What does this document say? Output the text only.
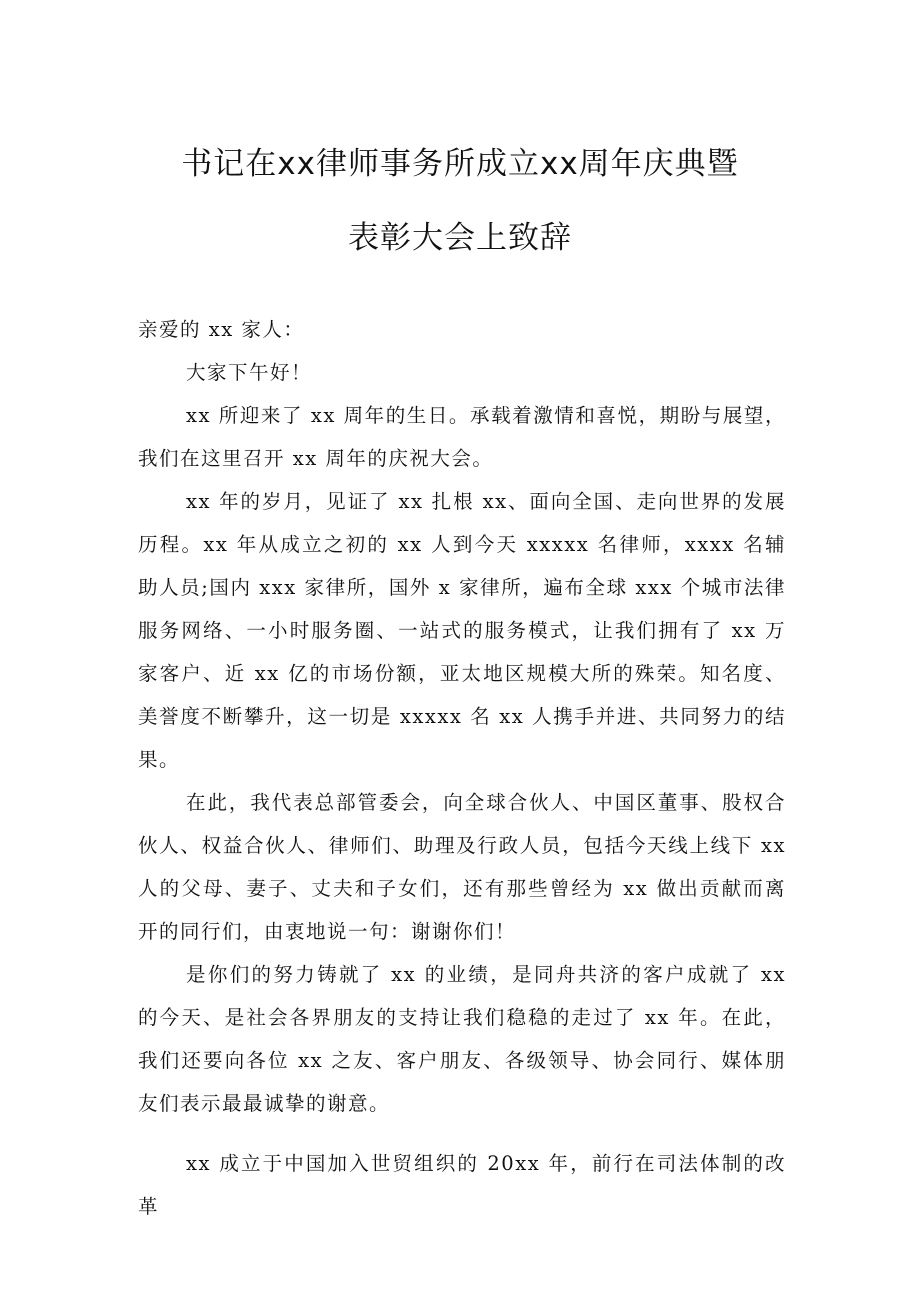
书记在xx律师事务所成立xx周年庆典暨
表彰大会上致辞

亲爱的 xx 家人：

大家下午好！

xx 所迎来了 xx 周年的生日。承载着激情和喜悦，期盼与展望，我们在这里召开 xx 周年的庆祝大会。

xx 年的岁月，见证了 xx 扎根 xx、面向全国、走向世界的发展历程。xx 年从成立之初的 xx 人到今天 xxxxx 名律师，xxxx 名辅助人员;国内 xxx 家律所，国外 x 家律所，遍布全球 xxx 个城市法律服务网络、一小时服务圈、一站式的服务模式，让我们拥有了 xx 万家客户、近 xx 亿的市场份额，亚太地区规模大所的殊荣。知名度、美誉度不断攀升，这一切是 xxxxx 名 xx 人携手并进、共同努力的结果。

在此，我代表总部管委会，向全球合伙人、中国区董事、股权合伙人、权益合伙人、律师们、助理及行政人员，包括今天线上线下 xx 人的父母、妻子、丈夫和子女们，还有那些曾经为 xx 做出贡献而离开的同行们，由衷地说一句：谢谢你们！

是你们的努力铸就了 xx 的业绩，是同舟共济的客户成就了 xx 的今天、是社会各界朋友的支持让我们稳稳的走过了 xx 年。在此，我们还要向各位 xx 之友、客户朋友、各级领导、协会同行、媒体朋友们表示最最诚挚的谢意。

xx 成立于中国加入世贸组织的 20xx 年，前行在司法体制的改革
